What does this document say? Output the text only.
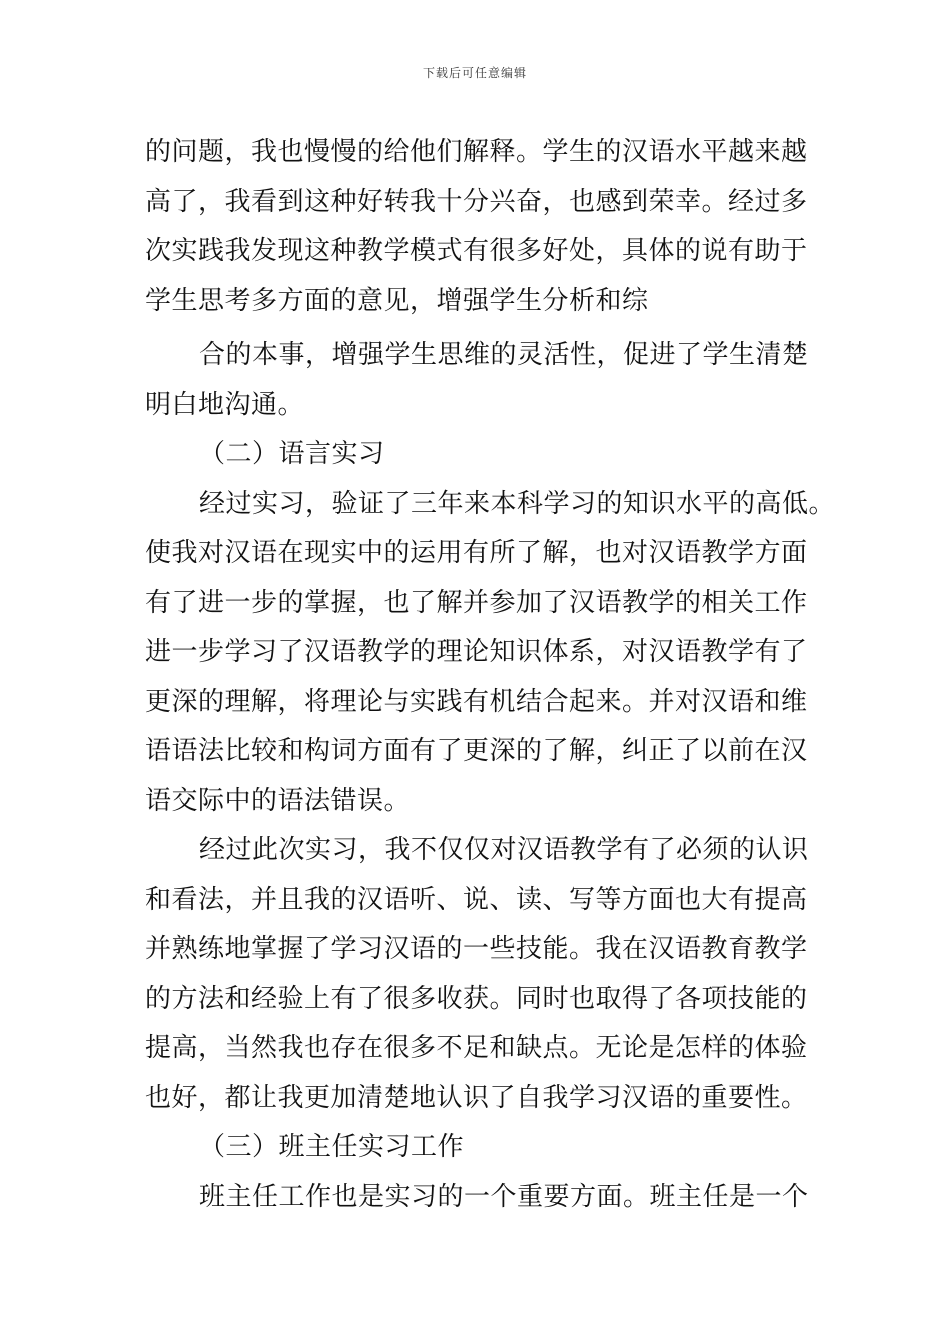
下载后可任意编辑
的问题，我也慢慢的给他们解释。学生的汉语水平越来越
高了，我看到这种好转我十分兴奋，也感到荣幸。经过多
次实践我发现这种教学模式有很多好处，具体的说有助于
学生思考多方面的意见，增强学生分析和综
合的本事，增强学生思维的灵活性，促进了学生清楚
明白地沟通。
（二）语言实习
经过实习，验证了三年来本科学习的知识水平的高低。
使我对汉语在现实中的运用有所了解，也对汉语教学方面
有了进一步的掌握，也了解并参加了汉语教学的相关工作
进一步学习了汉语教学的理论知识体系，对汉语教学有了
更深的理解，将理论与实践有机结合起来。并对汉语和维
语语法比较和构词方面有了更深的了解，纠正了以前在汉
语交际中的语法错误。
经过此次实习，我不仅仅对汉语教学有了必须的认识
和看法，并且我的汉语听、说、读、写等方面也大有提高
并熟练地掌握了学习汉语的一些技能。我在汉语教育教学
的方法和经验上有了很多收获。同时也取得了各项技能的
提高，当然我也存在很多不足和缺点。无论是怎样的体验
也好，都让我更加清楚地认识了自我学习汉语的重要性。
（三）班主任实习工作
班主任工作也是实习的一个重要方面。班主任是一个
